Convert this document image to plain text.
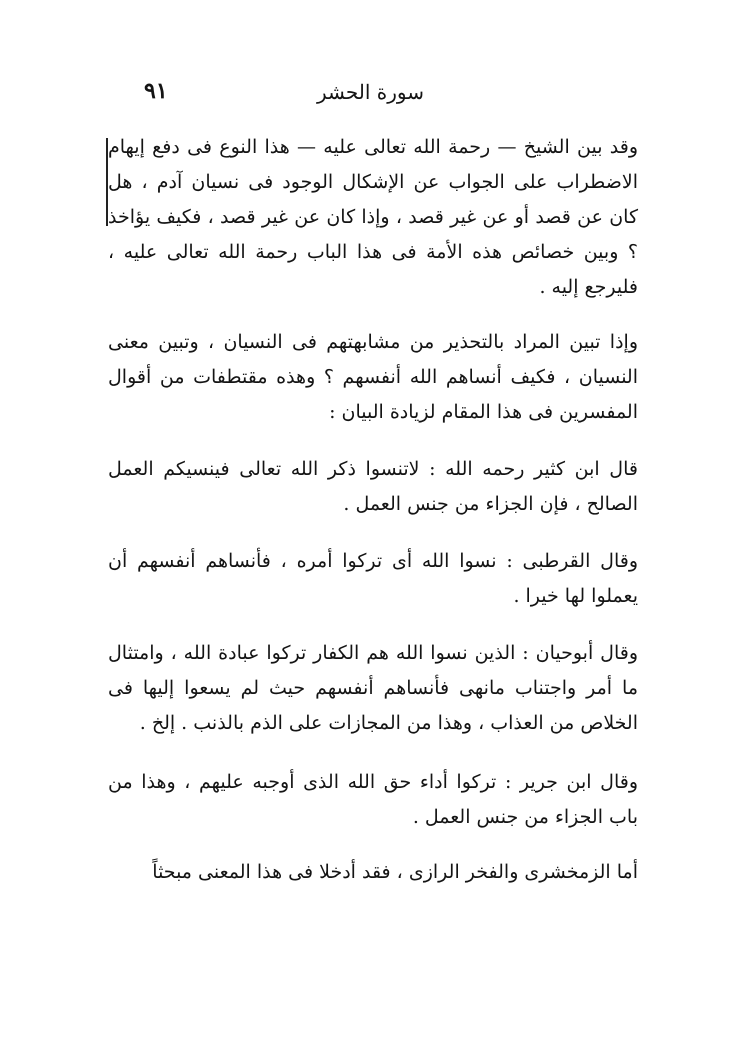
سورة الحشر
٩١

وقد بين الشيخ — رحمة الله تعالى عليه — هذا النوع فى دفع إيهام الاضطراب على الجواب عن الإشكال الوجود فى نسيان آدم ، هل كان عن قصد أو عن غير قصد ، وإذا كان عن غير قصد ، فكيف يؤاخذ ؟ وبين خصائص هذه الأمة فى هذا الباب رحمة الله تعالى عليه ، فليرجع إليه .

وإذا تبين المراد بالتحذير من مشابهتهم فى النسيان ، وتبين معنى النسيان ، فكيف أنساهم الله أنفسهم ؟ وهذه مقتطفات من أقوال المفسرين فى هذا المقام لزيادة البيان :

قال ابن كثير رحمه الله : لاتنسوا ذكر الله تعالى فينسيكم العمل الصالح ، فإن الجزاء من جنس العمل .

وقال القرطبى : نسوا الله أى تركوا أمره ، فأنساهم أنفسهم أن يعملوا لها خيرا .

وقال أبوحيان : الذين نسوا الله هم الكفار تركوا عبادة الله ، وامتثال ما أمر واجتناب مانهى فأنساهم أنفسهم حيث لم يسعوا إليها فى الخلاص من العذاب ، وهذا من المجازات على الذم بالذنب . إلخ .

وقال ابن جرير : تركوا أداء حق الله الذى أوجبه عليهم ، وهذا من باب الجزاء من جنس العمل .

أما الزمخشرى والفخر الرازى ، فقد أدخلا فى هذا المعنى مبحثاً
